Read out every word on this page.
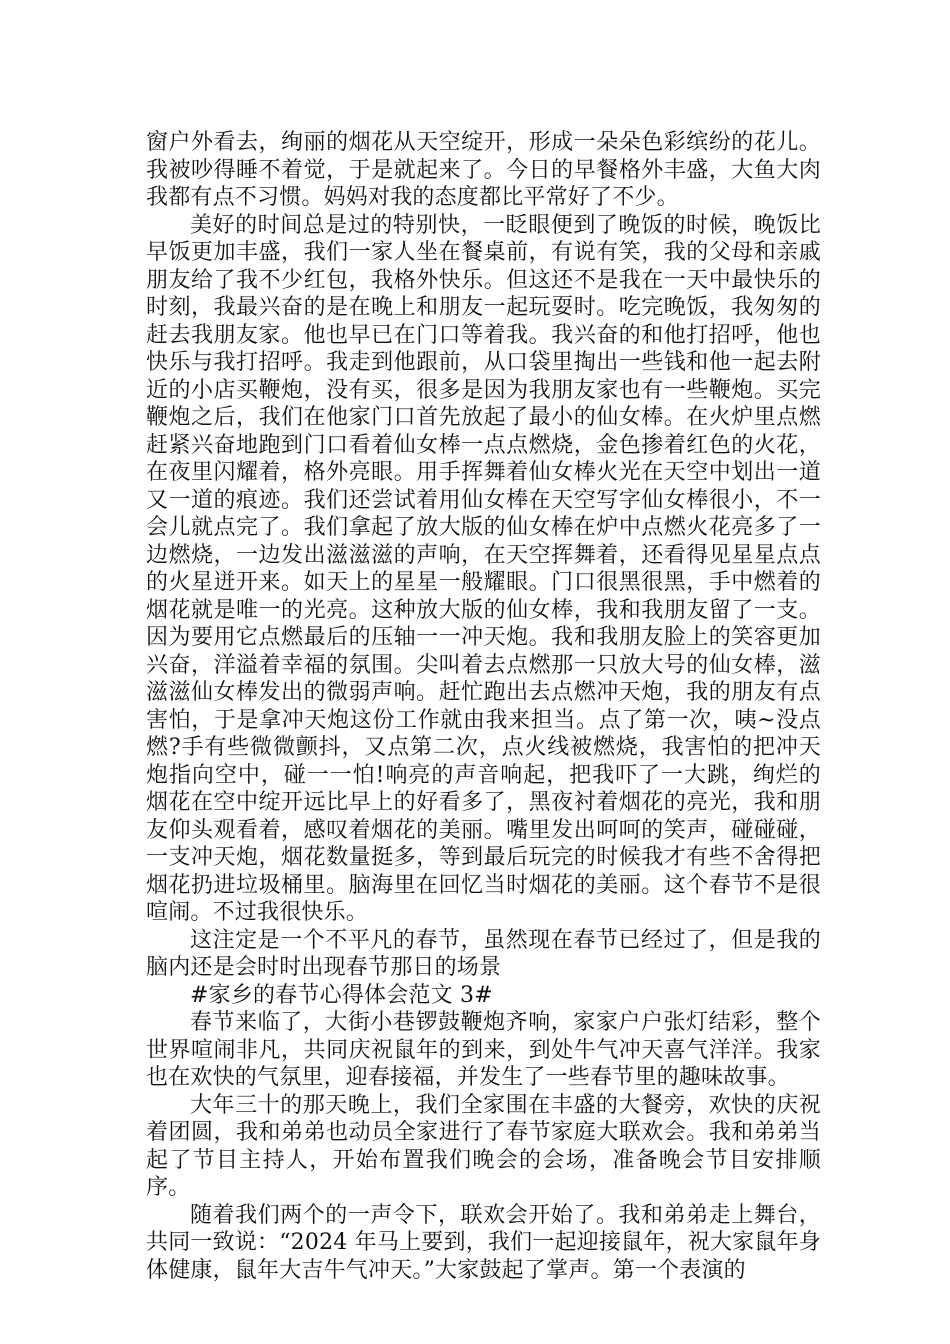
窗户外看去，绚丽的烟花从天空绽开，形成一朵朵色彩缤纷的花儿。我被吵得睡不着觉，于是就起来了。今日的早餐格外丰盛，大鱼大肉我都有点不习惯。妈妈对我的态度都比平常好了不少。

美好的时间总是过的特别快，一眨眼便到了晚饭的时候，晚饭比早饭更加丰盛，我们一家人坐在餐桌前，有说有笑，我的父母和亲戚朋友给了我不少红包，我格外快乐。但这还不是我在一天中最快乐的时刻，我最兴奋的是在晚上和朋友一起玩耍时。吃完晚饭，我匆匆的赶去我朋友家。他也早已在门口等着我。我兴奋的和他打招呼，他也快乐与我打招呼。我走到他跟前，从口袋里掏出一些钱和他一起去附近的小店买鞭炮，没有买，很多是因为我朋友家也有一些鞭炮。买完鞭炮之后，我们在他家门口首先放起了最小的仙女棒。在火炉里点燃赶紧兴奋地跑到门口看着仙女棒一点点燃烧，金色掺着红色的火花，在夜里闪耀着，格外亮眼。用手挥舞着仙女棒火光在天空中划出一道又一道的痕迹。我们还尝试着用仙女棒在天空写字仙女棒很小，不一会儿就点完了。我们拿起了放大版的仙女棒在炉中点燃火花亮多了一边燃烧，一边发出滋滋滋的声响，在天空挥舞着，还看得见星星点点的火星迸开来。如天上的星星一般耀眼。门口很黑很黑，手中燃着的烟花就是唯一的光亮。这种放大版的仙女棒，我和我朋友留了一支。因为要用它点燃最后的压轴一一冲天炮。我和我朋友脸上的笑容更加兴奋，洋溢着幸福的氛围。尖叫着去点燃那一只放大号的仙女棒，滋滋滋仙女棒发出的微弱声响。赶忙跑出去点燃冲天炮，我的朋友有点害怕，于是拿冲天炮这份工作就由我来担当。点了第一次，咦~没点燃?手有些微微颤抖，又点第二次，点火线被燃烧，我害怕的把冲天炮指向空中，碰一一怕!响亮的声音响起，把我吓了一大跳，绚烂的烟花在空中绽开远比早上的好看多了，黑夜衬着烟花的亮光，我和朋友仰头观看着，感叹着烟花的美丽。嘴里发出呵呵的笑声，碰碰碰，一支冲天炮，烟花数量挺多，等到最后玩完的时候我才有些不舍得把烟花扔进垃圾桶里。脑海里在回忆当时烟花的美丽。这个春节不是很喧闹。不过我很快乐。

这注定是一个不平凡的春节，虽然现在春节已经过了，但是我的脑内还是会时时出现春节那日的场景

#家乡的春节心得体会范文 3#

春节来临了，大街小巷锣鼓鞭炮齐响，家家户户张灯结彩，整个世界喧闹非凡，共同庆祝鼠年的到来，到处牛气冲天喜气洋洋。我家也在欢快的气氛里，迎春接福，并发生了一些春节里的趣味故事。

大年三十的那天晚上，我们全家围在丰盛的大餐旁，欢快的庆祝着团圆，我和弟弟也动员全家进行了春节家庭大联欢会。我和弟弟当起了节目主持人，开始布置我们晚会的会场，准备晚会节目安排顺序。

随着我们两个的一声令下，联欢会开始了。我和弟弟走上舞台，共同一致说：“2024 年马上要到，我们一起迎接鼠年，祝大家鼠年身体健康，鼠年大吉牛气冲天。”大家鼓起了掌声。第一个表演的
